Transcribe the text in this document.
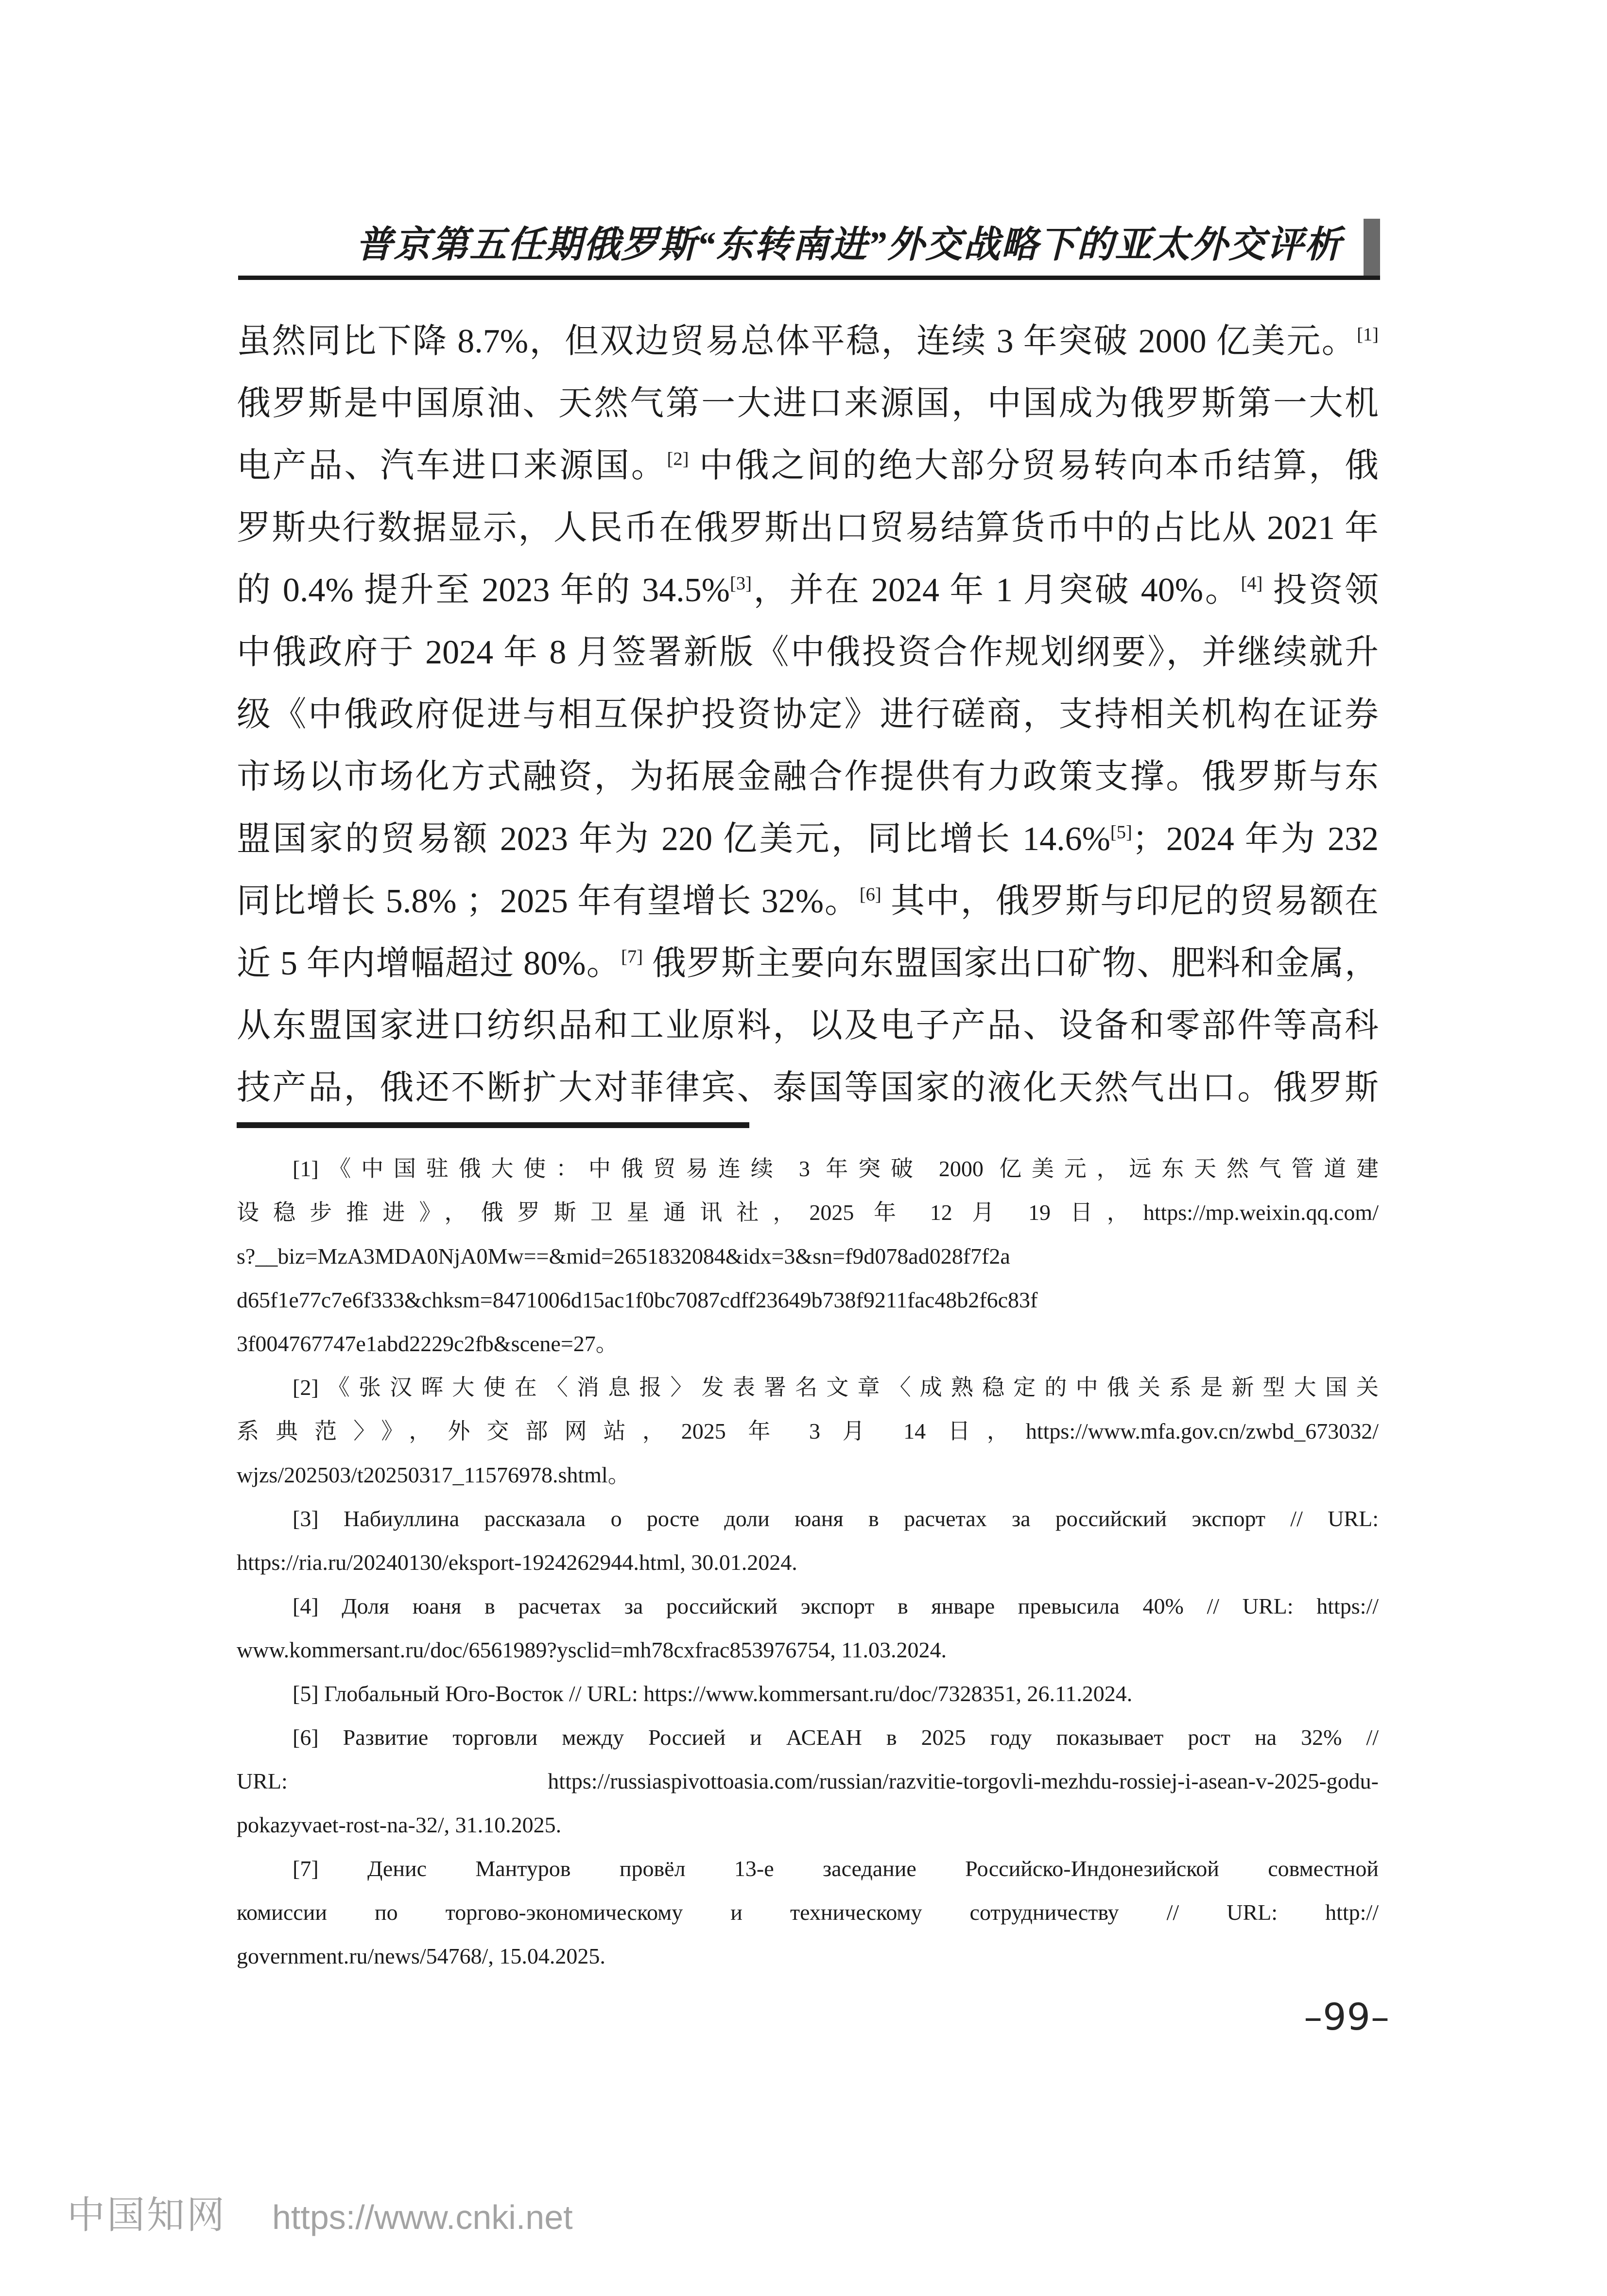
普京第五任期俄罗斯“东转南进”外交战略下的亚太外交评析
虽然同比下降 8.7%，但双边贸易总体平稳，连续 3 年突破 2000 亿美元。[1]
俄罗斯是中国原油、天然气第一大进口来源国，中国成为俄罗斯第一大机
电产品、汽车进口来源国。[2] 中俄之间的绝大部分贸易转向本币结算，俄
罗斯央行数据显示，人民币在俄罗斯出口贸易结算货币中的占比从 2021 年
的 0.4% 提升至 2023 年的 34.5%[3]，并在 2024 年 1 月突破 40%。[4] 投资领
中俄政府于 2024 年 8 月签署新版《中俄投资合作规划纲要》，并继续就升
级《中俄政府促进与相互保护投资协定》进行磋商，支持相关机构在证券
市场以市场化方式融资，为拓展金融合作提供有力政策支撑。俄罗斯与东
盟国家的贸易额 2023 年为 220 亿美元，同比增长 14.6%[5]；2024 年为 232
同比增长 5.8% ；2025 年有望增长 32%。[6] 其中，俄罗斯与印尼的贸易额在
近 5 年内增幅超过 80%。[7] 俄罗斯主要向东盟国家出口矿物、肥料和金属，
从东盟国家进口纺织品和工业原料，以及电子产品、设备和零部件等高科
技产品，俄还不断扩大对菲律宾、泰国等国家的液化天然气出口。俄罗斯
[1]《中国驻俄大使：中俄贸易连续 3 年突破 2000 亿美元，远东天然气管道建
设稳步推进》，俄罗斯卫星通讯社，2025 年 12 月 19 日，https://mp.weixin.qq.com/
s?__biz=MzA3MDA0NjA0Mw==&mid=2651832084&idx=3&sn=f9d078ad028f7f2a
d65f1e77c7e6f333&chksm=8471006d15ac1f0bc7087cdff23649b738f9211fac48b2f6c83f
3f004767747e1abd2229c2fb&scene=27。
[2]《张汉晖大使在〈消息报〉发表署名文章〈成熟稳定的中俄关系是新型大国关
系典范〉》，外交部网站，2025 年 3 月 14 日，https://www.mfa.gov.cn/zwbd_673032/
wjzs/202503/t20250317_11576978.shtml。
[3] Набиуллина рассказала о росте доли юаня в расчетах за российский экспорт // URL:
https://ria.ru/20240130/eksport-1924262944.html, 30.01.2024.
[4] Доля юаня в расчетах за российский экспорт в январе превысила 40% // URL: https://
www.kommersant.ru/doc/6561989?ysclid=mh78cxfrac853976754, 11.03.2024.
[5] Глобальный Юго-Восток // URL: https://www.kommersant.ru/doc/7328351, 26.11.2024.
[6] Развитие торговли между Россией и АСЕАН в 2025 году показывает рост на 32% //
URL: https://russiaspivottoasia.com/russian/razvitie-torgovli-mezhdu-rossiej-i-asean-v-2025-godu-
pokazyvaet-rost-na-32/, 31.10.2025.
[7] Денис Мантуров провёл 13-е заседание Российско-Индонезийской совместной
комиссии по торгово-экономическому и техническому сотрудничеству // URL: http://
government.ru/news/54768/, 15.04.2025.
–99–
中国知网 https://www.cnki.net
